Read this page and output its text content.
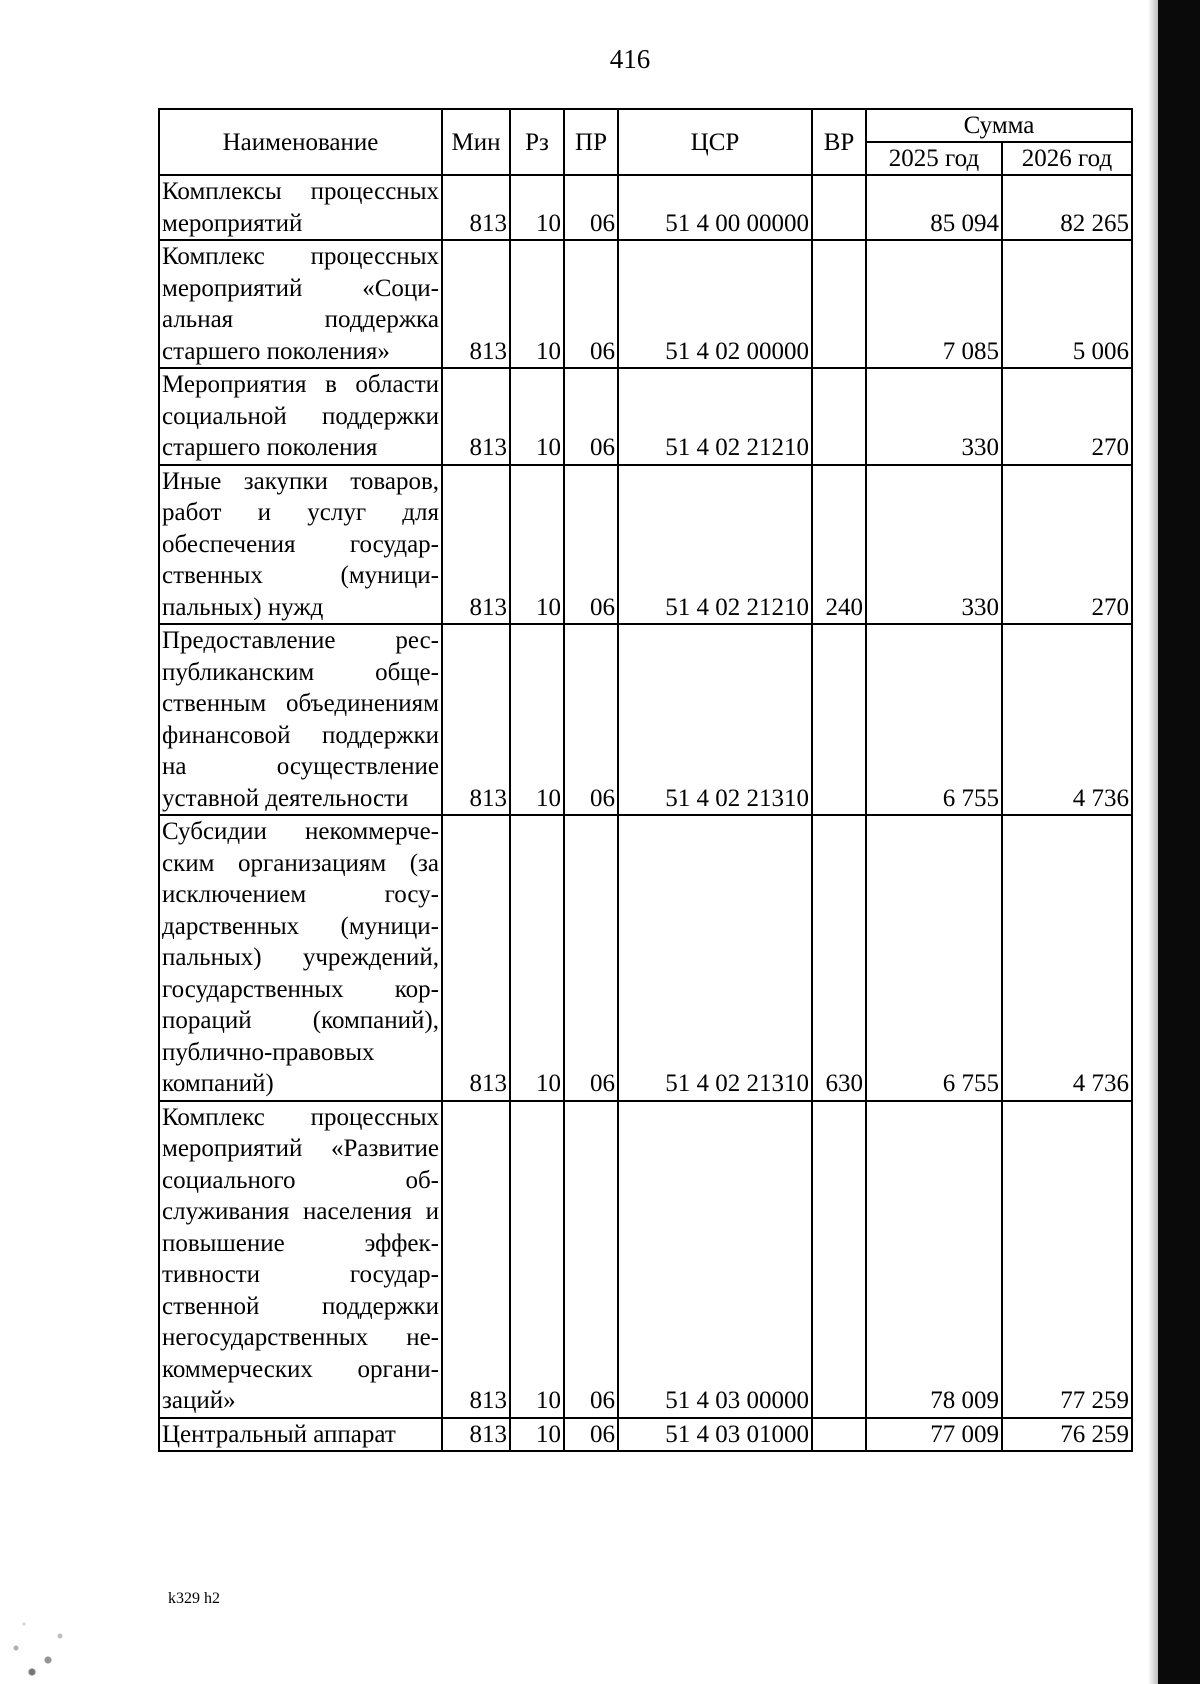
416
Наименование	Мин	Рз	ПР	ЦСР	ВР	Сумма	
						2025 год	2026 год
Комплексы процессных мероприятий	813	10	06	51 4 00 00000		85 094	82 265
Комплекс процессных мероприятий «Социальная поддержка старшего поколения»	813	10	06	51 4 02 00000		7 085	5 006
Мероприятия в области социальной поддержки старшего поколения	813	10	06	51 4 02 21210		330	270
Иные закупки товаров, работ и услуг для обеспечения государственных (муниципальных) нужд	813	10	06	51 4 02 21210	240	330	270
Предоставление республиканским общественным объединениям финансовой поддержки на осуществление уставной деятельности	813	10	06	51 4 02 21310		6 755	4 736
Субсидии некоммерческим организациям (за исключением государственных (муниципальных) учреждений, государственных корпораций (компаний), публично-правовых компаний)	813	10	06	51 4 02 21310	630	6 755	4 736
Комплекс процессных мероприятий «Развитие социального обслуживания населения и повышение эффективности государственной поддержки негосударственных некоммерческих организаций»	813	10	06	51 4 03 00000		78 009	77 259
Центральный аппарат	813	10	06	51 4 03 01000		77 009	76 259
k329 h2
